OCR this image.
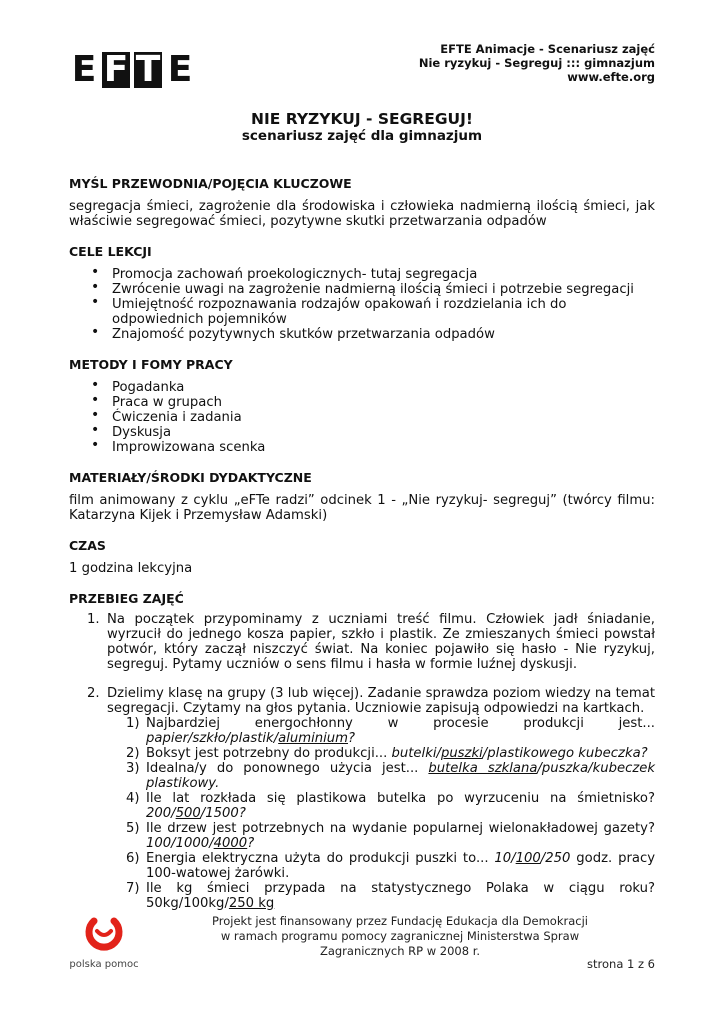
E F T E	EFTE Animacje - Scenariusz zajęć
Nie ryzykuj - Segreguj ::: gimnazjum
www.efte.org
NIE RYZYKUJ - SEGREGUJ!
scenariusz zajęć dla gimnazjum
MYŚL PRZEWODNIA/POJĘCIA KLUCZOWE

segregacja śmieci, zagrożenie dla środowiska i człowieka nadmierną ilością śmieci, jak właściwie segregować śmieci, pozytywne skutki przetwarzania odpadów

CELE LEKCJI
• Promocja zachowań proekologicznych- tutaj segregacja
• Zwrócenie uwagi na zagrożenie nadmierną ilością śmieci i potrzebie segregacji
• Umiejętność rozpoznawania rodzajów opakowań i rozdzielania ich do odpowiednich pojemników
• Znajomość pozytywnych skutków przetwarzania odpadów
METODY I FOMY PRACY
• Pogadanka
• Praca w grupach
• Ćwiczenia i zadania
• Dyskusja
• Improwizowana scenka
MATERIAŁY/ŚRODKI DYDAKTYCZNE

film animowany z cyklu „eFTe radzi” odcinek 1 - „Nie ryzykuj- segreguj” (twórcy filmu: Katarzyna Kijek i Przemysław Adamski)

CZAS

1 godzina lekcyjna

PRZEBIEG ZAJĘĆ
1. Na początek przypominamy z uczniami treść filmu. Człowiek jadł śniadanie, wyrzucił do jednego kosza papier, szkło i plastik. Ze zmieszanych śmieci powstał potwór, który zaczął niszczyć świat. Na koniec pojawiło się hasło - Nie ryzykuj, segreguj. Pytamy uczniów o sens filmu i hasła w formie luźnej dyskusji.
2. Dzielimy klasę na grupy (3 lub więcej). Zadanie sprawdza poziom wiedzy na temat segregacji. Czytamy na głos pytania. Uczniowie zapisują odpowiedzi na kartkach.
1) Najbardziej energochłonny w procesie produkcji jest... papier/szkło/plastik/aluminium?
2) Boksyt jest potrzebny do produkcji... butelki/puszki/plastikowego kubeczka?
3) Idealna/y do ponownego użycia jest... butelka szklana/puszka/kubeczek plastikowy.
4) Ile lat rozkłada się plastikowa butelka po wyrzuceniu na śmietnisko? 200/500/1500?
5) Ile drzew jest potrzebnych na wydanie popularnej wielonakładowej gazety? 100/1000/4000?
6) Energia elektryczna użyta do produkcji puszki to... 10/100/250 godz. pracy 100-watowej żarówki.
7) Ile kg śmieci przypada na statystycznego Polaka w ciągu roku? 50kg/100kg/250 kg
polska pomoc
Projekt jest finansowany przez Fundację Edukacja dla Demokracji
w ramach programu pomocy zagranicznej Ministerstwa Spraw
Zagranicznych RP w 2008 r.
strona 1 z 6
